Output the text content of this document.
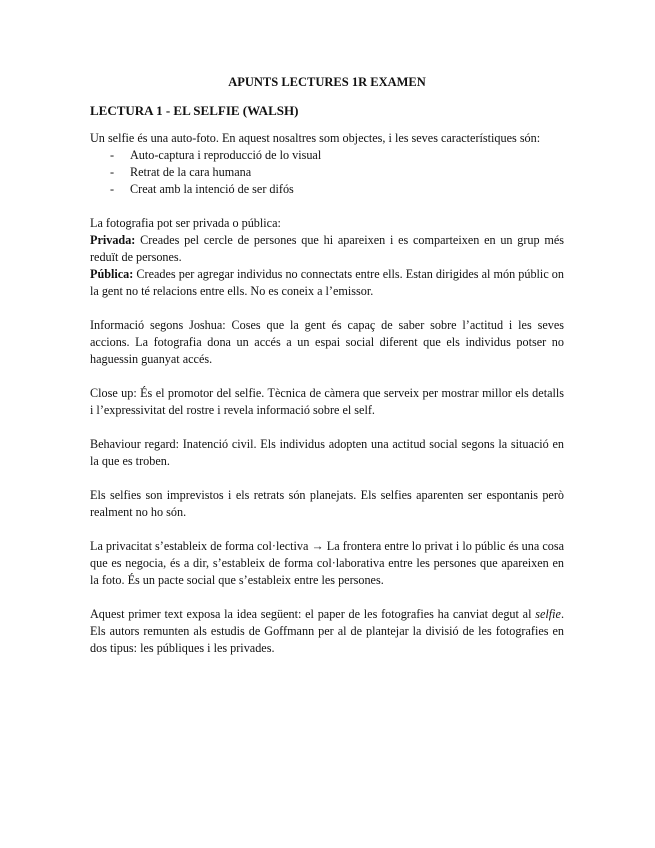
APUNTS LECTURES 1R EXAMEN
LECTURA 1 - EL SELFIE (WALSH)

Un selfie és una auto-foto. En aquest nosaltres som objectes, i les seves característiques són:

- Auto-captura i reproducció de lo visual
- Retrat de la cara humana
- Creat amb la intenció de ser difós

La fotografia pot ser privada o pública:

Privada: Creades pel cercle de persones que hi apareixen i es comparteixen en un grup més reduït de persones.

Pública: Creades per agregar individus no connectats entre ells. Estan dirigides al món públic on la gent no té relacions entre ells. No es coneix a l’emissor.

Informació segons Joshua: Coses que la gent és capaç de saber sobre l’actitud i les seves accions. La fotografia dona un accés a un espai social diferent que els individus potser no haguessin guanyat accés.

Close up: És el promotor del selfie. Tècnica de càmera que serveix per mostrar millor els detalls i l’expressivitat del rostre i revela informació sobre el self.

Behaviour regard: Inatenció civil. Els individus adopten una actitud social segons la situació en la que es troben.

Els selfies son imprevistos i els retrats són planejats. Els selfies aparenten ser espontanis però realment no ho són.

La privacitat s’estableix de forma col·lectiva → La frontera entre lo privat i lo públic és una cosa que es negocia, és a dir, s’estableix de forma col·laborativa entre les persones que apareixen en la foto. És un pacte social que s’estableix entre les persones.

Aquest primer text exposa la idea següent: el paper de les fotografies ha canviat degut al selfie. Els autors remunten als estudis de Goffmann per al de plantejar la divisió de les fotografies en dos tipus: les públiques i les privades.
